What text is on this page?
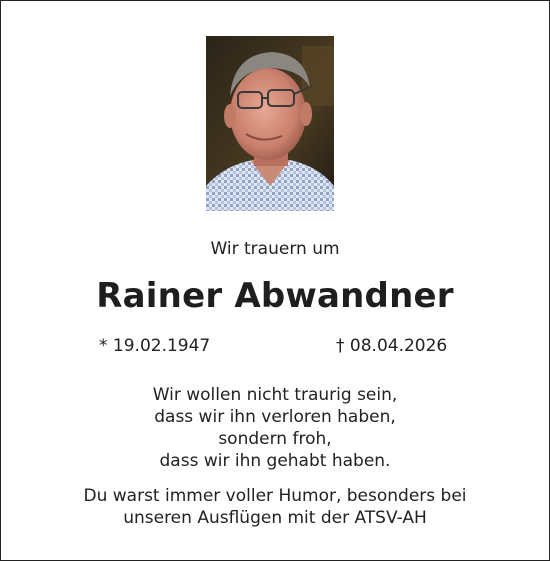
Wir trauern um
Rainer Abwandner
* 19.02.1947	† 08.04.2026
Wir wollen nicht traurig sein,
dass wir ihn verloren haben,
sondern froh,
dass wir ihn gehabt haben.
Du warst immer voller Humor, besonders bei
unseren Ausflügen mit der ATSV-AH
